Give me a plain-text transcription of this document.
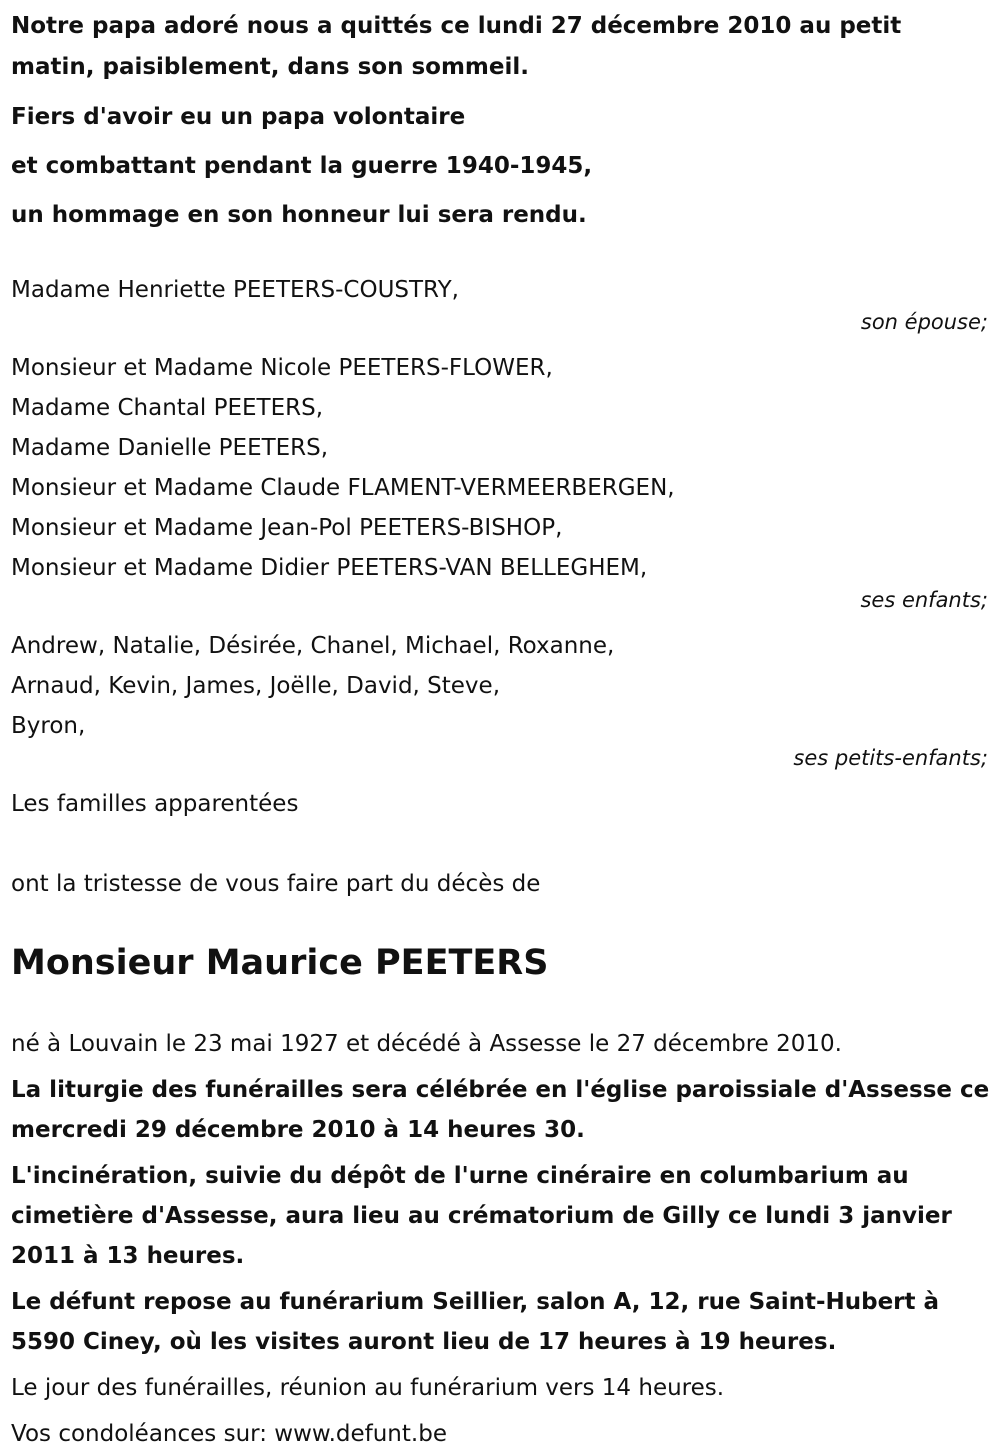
Notre papa adoré nous a quittés ce lundi 27 décembre 2010 au petit matin, paisiblement, dans son sommeil.

Fiers d'avoir eu un papa volontaire

et combattant pendant la guerre 1940-1945,

un hommage en son honneur lui sera rendu.

Madame Henriette PEETERS-COUSTRY,

son épouse;

Monsieur et Madame Nicole PEETERS-FLOWER,

Madame Chantal PEETERS,

Madame Danielle PEETERS,

Monsieur et Madame Claude FLAMENT-VERMEERBERGEN,

Monsieur et Madame Jean-Pol PEETERS-BISHOP,

Monsieur et Madame Didier PEETERS-VAN BELLEGHEM,

ses enfants;

Andrew, Natalie, Désirée, Chanel, Michael, Roxanne,

Arnaud, Kevin, James, Joëlle, David, Steve,

Byron,

ses petits-enfants;

Les familles apparentées

ont la tristesse de vous faire part du décès de

Monsieur Maurice PEETERS

né à Louvain le 23 mai 1927 et décédé à Assesse le 27 décembre 2010.

La liturgie des funérailles sera célébrée en l'église paroissiale d'Assesse ce mercredi 29 décembre 2010 à 14 heures 30.

L'incinération, suivie du dépôt de l'urne cinéraire en columbarium au cimetière d'Assesse, aura lieu au crématorium de Gilly ce lundi 3 janvier 2011 à 13 heures.

Le défunt repose au funérarium Seillier, salon A, 12, rue Saint-Hubert à 5590 Ciney, où les visites auront lieu de 17 heures à 19 heures.

Le jour des funérailles, réunion au funérarium vers 14 heures.

Vos condoléances sur: www.defunt.be
